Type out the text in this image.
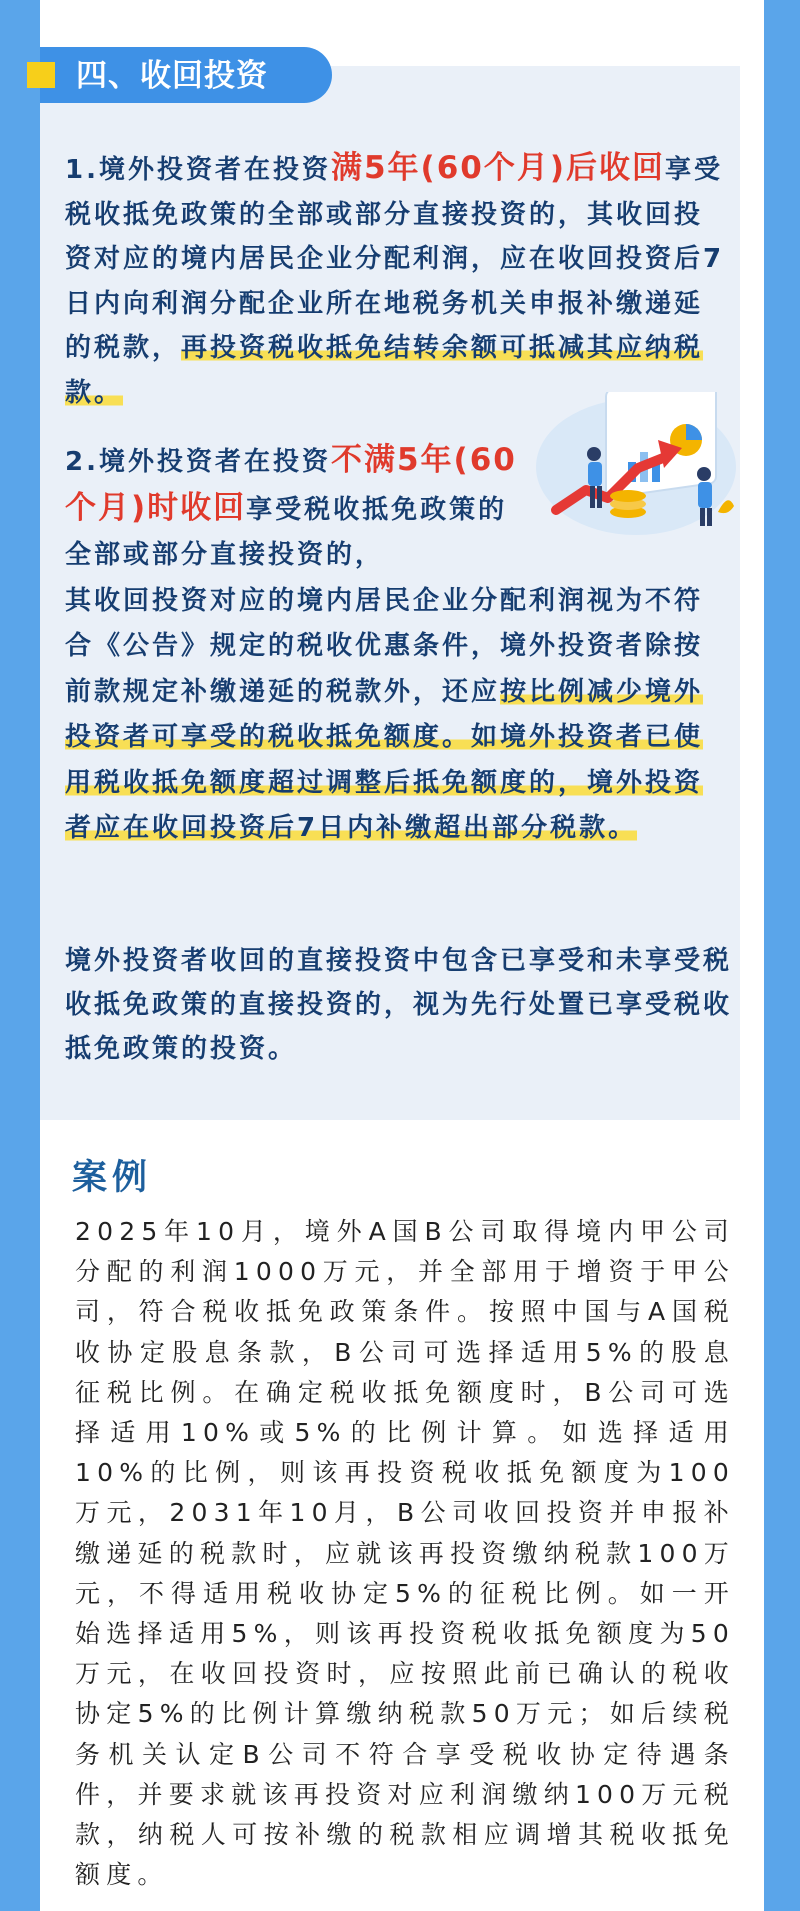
四、收回投资
1.境外投资者在投资满5年(60个月)后收回享受税收抵免政策的全部或部分直接投资的，其收回投资对应的境内居民企业分配利润，应在收回投资后7日内向利润分配企业所在地税务机关申报补缴递延的税款，再投资税收抵免结转余额可抵减其应纳税款。
2.境外投资者在投资不满5年(60个月)时收回享受税收抵免政策的全部或部分直接投资的，
其收回投资对应的境内居民企业分配利润视为不符合《公告》规定的税收优惠条件，境外投资者除按前款规定补缴递延的税款外，还应按比例减少境外投资者可享受的税收抵免额度。如境外投资者已使用税收抵免额度超过调整后抵免额度的，境外投资者应在收回投资后7日内补缴超出部分税款。
境外投资者收回的直接投资中包含已享受和未享受税收抵免政策的直接投资的，视为先行处置已享受税收抵免政策的投资。
案例
2025年10月，境外A国B公司取得境内甲公司分配的利润1000万元，并全部用于增资于甲公司，符合税收抵免政策条件。按照中国与A国税收协定股息条款，B公司可选择适用5%的股息征税比例。在确定税收抵免额度时，B公司可选择适用10%或5%的比例计算。如选择适用10%的比例，则该再投资税收抵免额度为100万元，2031年10月，B公司收回投资并申报补缴递延的税款时，应就该再投资缴纳税款100万元，不得适用税收协定5%的征税比例。如一开始选择适用5%，则该再投资税收抵免额度为50万元，在收回投资时，应按照此前已确认的税收协定5%的比例计算缴纳税款50万元；如后续税务机关认定B公司不符合享受税收协定待遇条件，并要求就该再投资对应利润缴纳100万元税款，纳税人可按补缴的税款相应调增其税收抵免额度。
